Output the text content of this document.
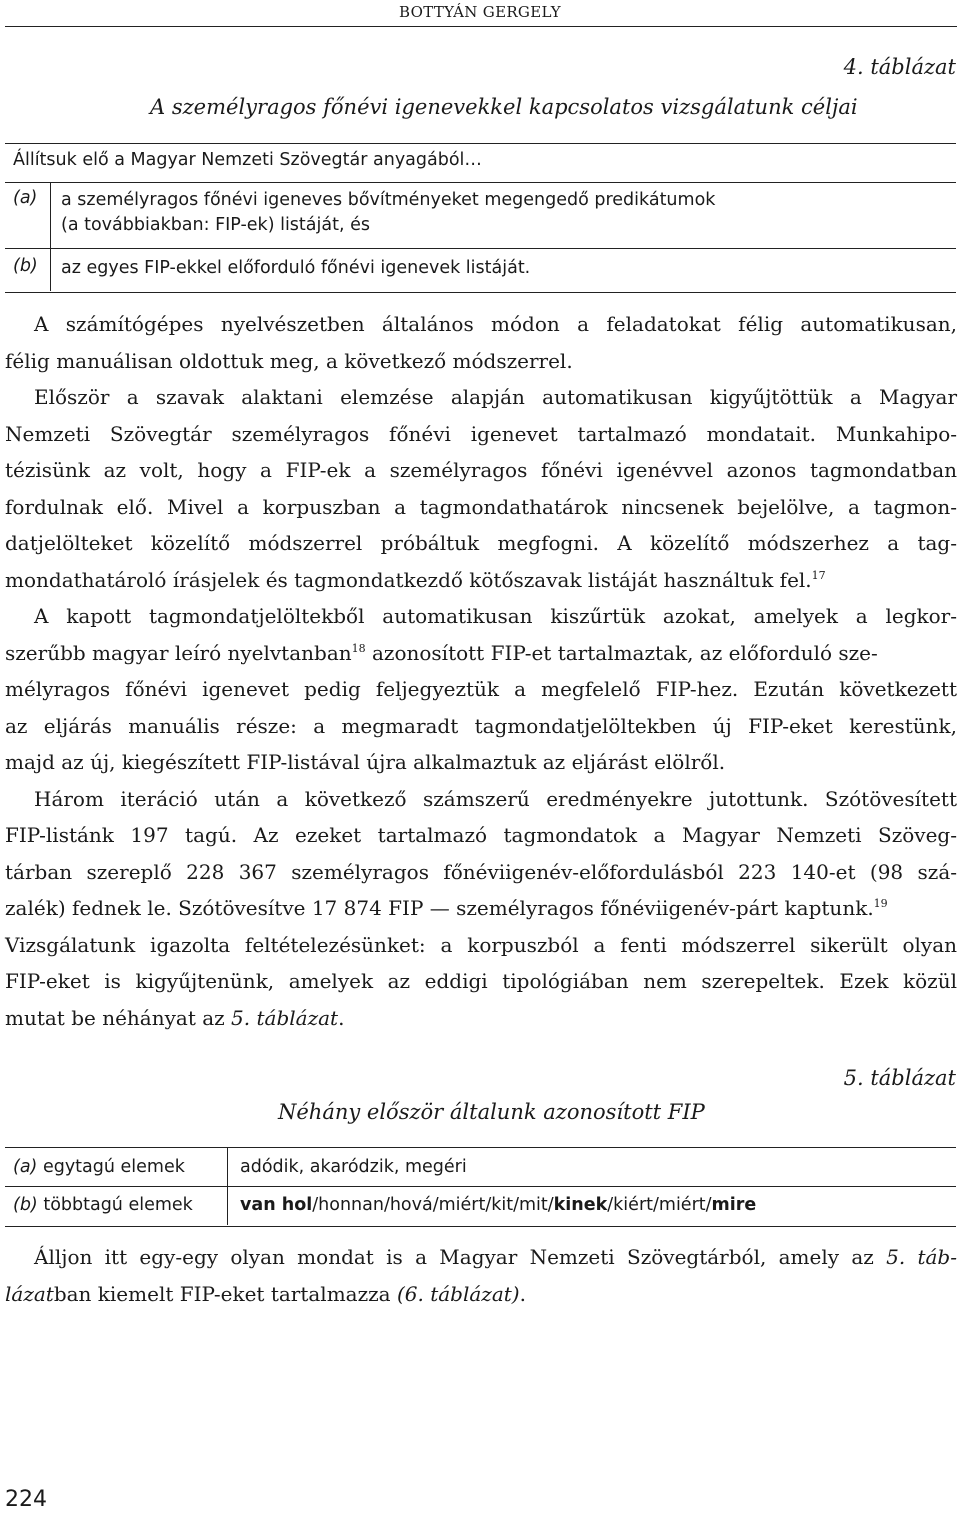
BOTTYÁN GERGELY
4. táblázat
A személyragos főnévi igenevekkel kapcsolatos vizsgálatunk céljai
Állítsuk elő a Magyar Nemzeti Szövegtár anyagából…
(a) a személyragos főnévi igeneves bővítményeket megengedő predikátumok
(a továbbiakban: FIP-ek) listáját, és
(b) az egyes FIP-ekkel előforduló főnévi igenevek listáját.
A számítógépes nyelvészetben általános módon a feladatokat félig automatikusan,
félig manuálisan oldottuk meg, a következő módszerrel.
Először a szavak alaktani elemzése alapján automatikusan kigyűjtöttük a Magyar
Nemzeti Szövegtár személyragos főnévi igenevet tartalmazó mondatait. Munkahipo-
tézisünk az volt, hogy a FIP-ek a személyragos főnévi igenévvel azonos tagmondatban
fordulnak elő. Mivel a korpuszban a tagmondathatárok nincsenek bejelölve, a tagmon-
datjelölteket közelítő módszerrel próbáltuk megfogni. A közelítő módszerhez a tag-
mondathatároló írásjelek és tagmondatkezdő kötőszavak listáját használtuk fel.$^{17}$
A kapott tagmondatjelöltekből automatikusan kiszűrtük azokat, amelyek a legkor-
szerűbb magyar leíró nyelvtanban$^{18}$ azonosított FIP-et tartalmaztak, az előforduló sze-
mélyragos főnévi igenevet pedig feljegyeztük a megfelelő FIP-hez. Ezután következett
az eljárás manuális része: a megmaradt tagmondatjelöltekben új FIP-eket kerestünk,
majd az új, kiegészített FIP-listával újra alkalmaztuk az eljárást elölről.
Három iteráció után a következő számszerű eredményekre jutottunk. Szótövesített
FIP-listánk 197 tagú. Az ezeket tartalmazó tagmondatok a Magyar Nemzeti Szöveg-
tárban szereplő 228 367 személyragos főnéviigenév-előfordulásból 223 140-et (98 szá-
zalék) fednek le. Szótövesítve 17 874 FIP — személyragos főnéviigenév-párt kaptunk.$^{19}$
Vizsgálatunk igazolta feltételezésünket: a korpuszból a fenti módszerrel sikerült olyan
FIP-eket is kigyűjtenünk, amelyek az eddigi tipológiában nem szerepeltek. Ezek közül
mutat be néhányat az 5. táblázat.
5. táblázat
Néhány először általunk azonosított FIP
(a) egytagú elemek	adódik, akaródzik, megéri
(b) többtagú elemek	van hol/honnan/hová/miért/kit/mit/kinek/kiért/miért/mire
Álljon itt egy-egy olyan mondat is a Magyar Nemzeti Szövegtárból, amely az 5. táb-
lázatban kiemelt FIP-eket tartalmazza (6. táblázat).
224
